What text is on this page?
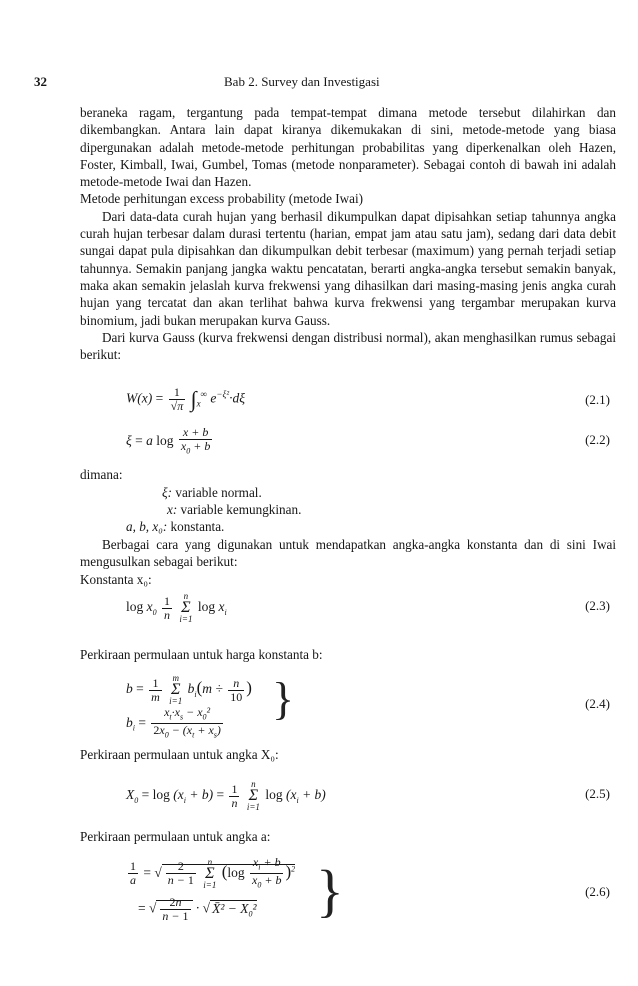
32	Bab 2. Survey dan Investigasi

beraneka ragam, tergantung pada tempat-tempat dimana metode tersebut dilahirkan dan dikembangkan. Antara lain dapat kiranya dikemukakan di sini, metode-metode yang biasa dipergunakan adalah metode-metode perhitungan probabilitas yang diperkenalkan oleh Hazen, Foster, Kimball, Iwai, Gumbel, Tomas (metode nonparameter). Sebagai contoh di bawah ini adalah metode-metode Iwai dan Hazen.

Metode perhitungan excess probability (metode Iwai)

Dari data-data curah hujan yang berhasil dikumpulkan dapat dipisahkan setiap tahunnya angka curah hujan terbesar dalam durasi tertentu (harian, empat jam atau satu jam), sedang dari data debit sungai dapat pula dipisahkan dan dikumpulkan debit terbesar (maximum) yang pernah terjadi setiap tahunnya. Semakin panjang jangka waktu pencatatan, berarti angka-angka tersebut semakin banyak, maka akan semakin jelaslah kurva frekwensi yang dihasilkan dari masing-masing jenis angka curah hujan yang tercatat dan akan terlihat bahwa kurva frekwensi yang tergambar merupakan kurva binomium, jadi bukan merupakan kurva Gauss.

Dari kurva Gauss (kurva frekwensi dengan distribusi normal), akan menghasilkan rumus sebagai berikut:

$W(x) = \frac{1}{√\pi} \int_x^\infty$ $e^{-\xi^2}\cdot d\xi$	(2.1)
ξ = a $\log \frac{x + b}{x_0 + b}$	(2.2)

dimana:

ξ: variable normal.
x: variable kemungkinan.
a, b, x₀: konstanta.

Berbagai cara yang digunakan untuk mendapatkan angka-angka konstanta dan di sini Iwai mengusulkan sebagai berikut:

Konstanta x₀:

$\log x_0 \frac{1}{n}$ n
Σ
i=1 $\log x_i$	(2.3)

Perkiraan permulaan untuk harga konstanta b:

$b = \frac{1}{m}$ m
Σ
i=1 $b_i(m \div \frac{n}{10}$ )
$b_i = \frac{x_t\cdot x_s - x_0^2}{2x_0 - (x_t + x_s)}$ }	(2.4)

Perkiraan permulaan untuk angka X₀:

$X_0 = \log (x_i + b) = \frac{1}{n}$ n
Σ
i=1 $\log (x_i + b)$	(2.5)

Perkiraan permulaan untuk angka a:

$\frac{1}{a}$ = √ $\frac{2}{n - 1}$ n
Σ
i=1 $(\log \frac{x_i + b}{x_0 + b} )^2$
= √ $\frac{2n}{n - 1}$ · √ X̄² − $X_0^2$ }	(2.6)
